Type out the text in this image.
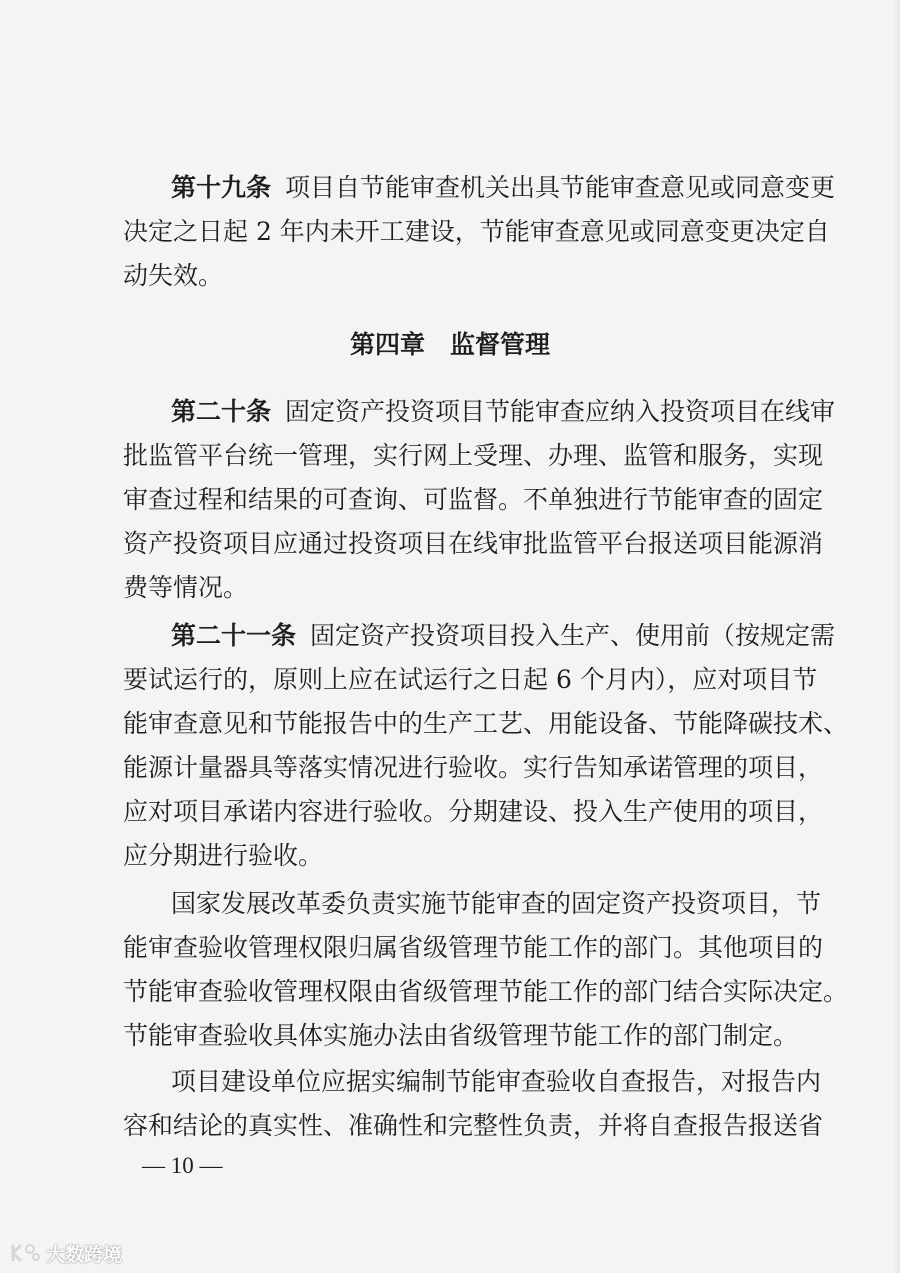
第十九条 项目自节能审查机关出具节能审查意见或同意变更
决定之日起 2 年内未开工建设，节能审查意见或同意变更决定自
动失效。
第四章　监督管理
第二十条 固定资产投资项目节能审查应纳入投资项目在线审
批监管平台统一管理，实行网上受理、办理、监管和服务，实现
审查过程和结果的可查询、可监督。不单独进行节能审查的固定
资产投资项目应通过投资项目在线审批监管平台报送项目能源消
费等情况。
第二十一条 固定资产投资项目投入生产、使用前（按规定需
要试运行的，原则上应在试运行之日起 6 个月内），应对项目节
能审查意见和节能报告中的生产工艺、用能设备、节能降碳技术、
能源计量器具等落实情况进行验收。实行告知承诺管理的项目，
应对项目承诺内容进行验收。分期建设、投入生产使用的项目，
应分期进行验收。
国家发展改革委负责实施节能审查的固定资产投资项目，节
能审查验收管理权限归属省级管理节能工作的部门。其他项目的
节能审查验收管理权限由省级管理节能工作的部门结合实际决定。
节能审查验收具体实施办法由省级管理节能工作的部门制定。
项目建设单位应据实编制节能审查验收自查报告，对报告内
容和结论的真实性、准确性和完整性负责，并将自查报告报送省
— 10 —
大数跨境
